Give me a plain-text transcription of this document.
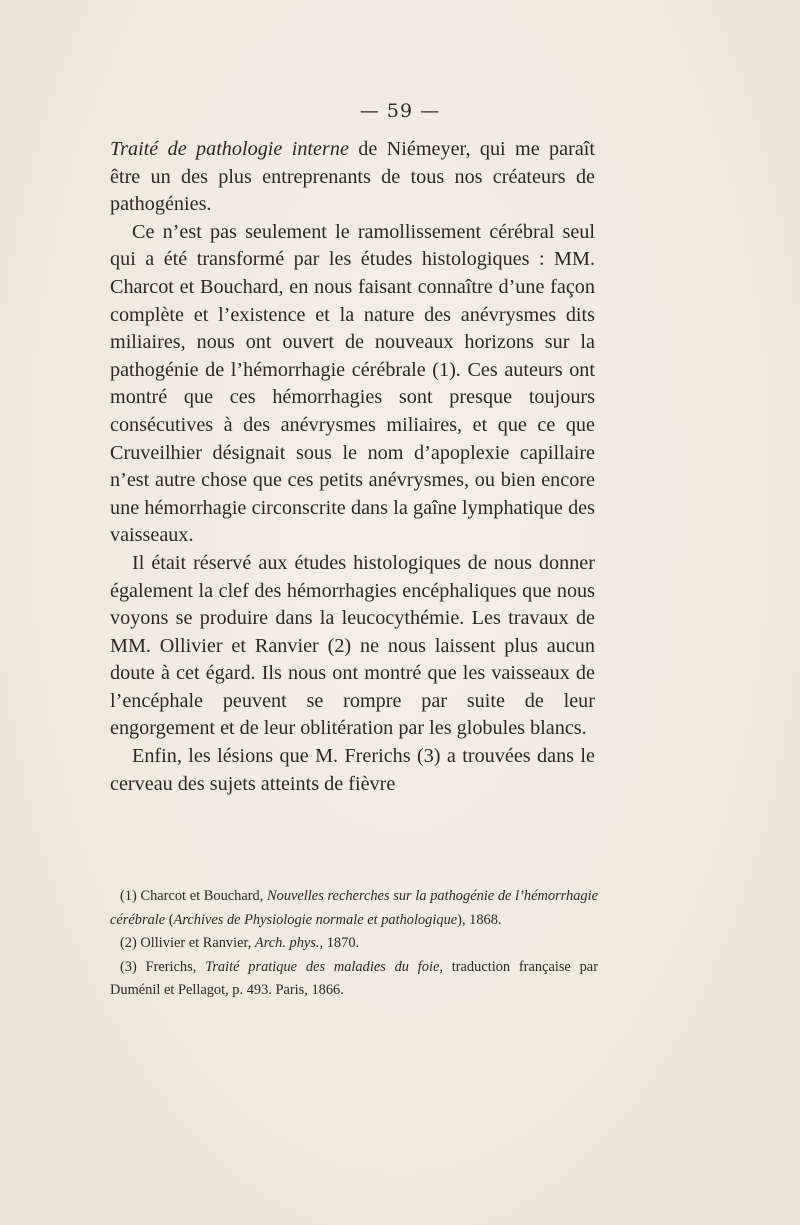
— 59 —

Traité de pathologie interne de Niémeyer, qui me paraît être un des plus entreprenants de tous nos créateurs de pathogénies.

Ce n’est pas seulement le ramollissement cérébral seul qui a été transformé par les études histologiques : MM. Charcot et Bouchard, en nous faisant connaître d’une façon complète et l’existence et la nature des anévrysmes dits miliaires, nous ont ouvert de nouveaux horizons sur la pathogénie de l’hémorrhagie cérébrale (1). Ces auteurs ont montré que ces hémorrhagies sont presque toujours consécutives à des anévrysmes miliaires, et que ce que Cruveilhier désignait sous le nom d’apoplexie capillaire n’est autre chose que ces petits anévrysmes, ou bien encore une hémorrhagie circonscrite dans la gaîne lymphatique des vaisseaux.

Il était réservé aux études histologiques de nous donner également la clef des hémorrhagies encéphaliques que nous voyons se produire dans la leucocythémie. Les travaux de MM. Ollivier et Ranvier (2) ne nous laissent plus aucun doute à cet égard. Ils nous ont montré que les vaisseaux de l’encéphale peuvent se rompre par suite de leur engorgement et de leur oblitération par les globules blancs.

Enfin, les lésions que M. Frerichs (3) a trouvées dans le cerveau des sujets atteints de fièvre

(1) Charcot et Bouchard, Nouvelles recherches sur la pathogénie de l’hémorrhagie cérébrale (Archives de Physiologie normale et pathologique), 1868.

(2) Ollivier et Ranvier, Arch. phys., 1870.

(3) Frerichs, Traité pratique des maladies du foie, traduction française par Duménil et Pellagot, p. 493. Paris, 1866.
